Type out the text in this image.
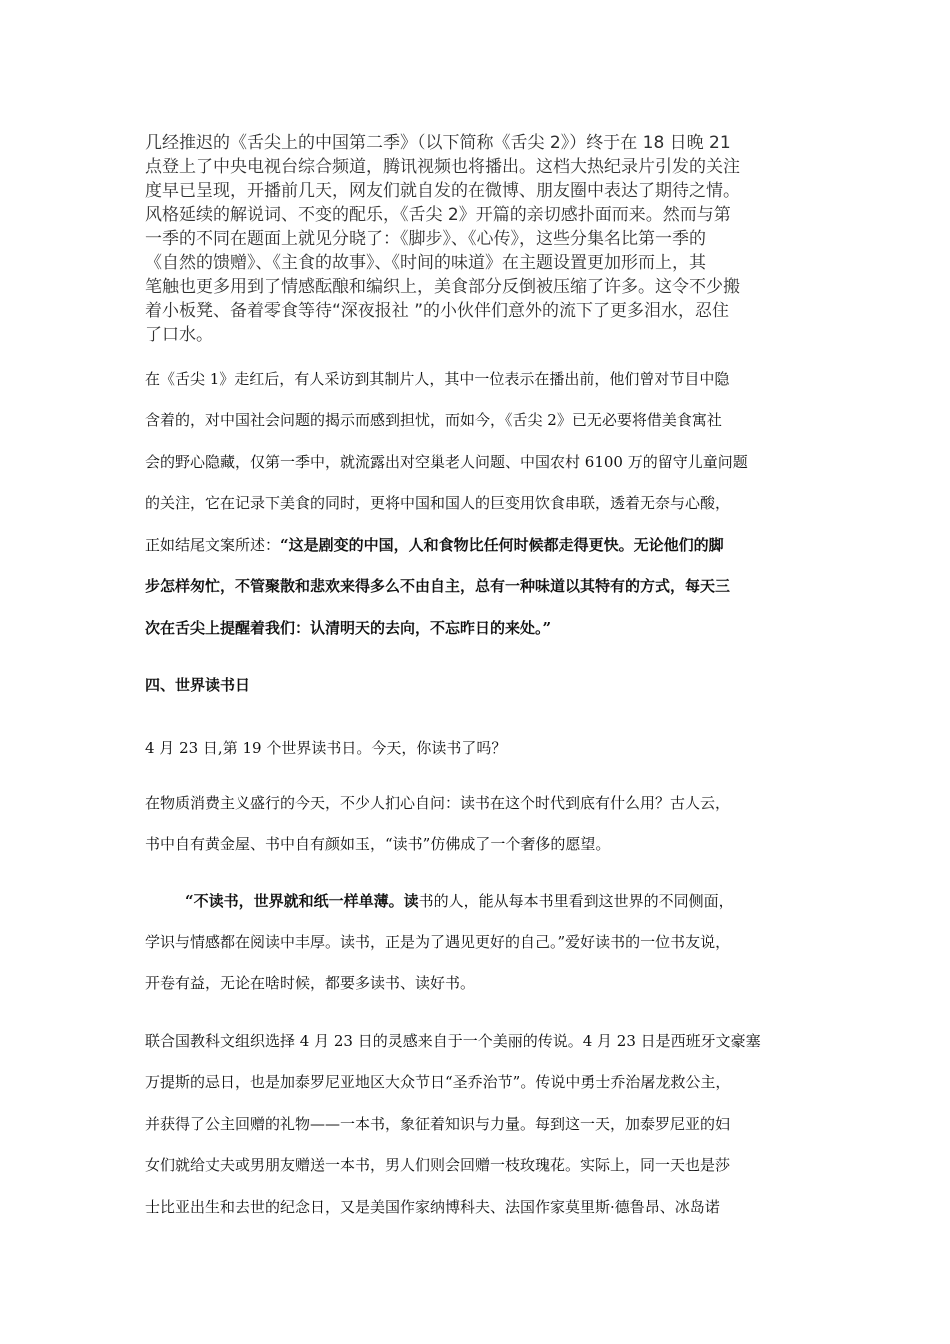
几经推迟的《舌尖上的中国第二季》（以下简称《舌尖 2》）终于在 18 日晚 21
点登上了中央电视台综合频道，腾讯视频也将播出。这档大热纪录片引发的关注
度早已呈现，开播前几天，网友们就自发的在微博、朋友圈中表达了期待之情。
风格延续的解说词、不变的配乐，《舌尖 2》开篇的亲切感扑面而来。然而与第
一季的不同在题面上就见分晓了：《脚步》、《心传》，这些分集名比第一季的
《自然的馈赠》、《主食的故事》、《时间的味道》在主题设置更加形而上，其
笔触也更多用到了情感酝酿和编织上，美食部分反倒被压缩了许多。这令不少搬
着小板凳、备着零食等待“深夜报社 ”的小伙伴们意外的流下了更多泪水，忍住
了口水。
在《舌尖 1》走红后，有人采访到其制片人，其中一位表示在播出前，他们曾对节目中隐
含着的，对中国社会问题的揭示而感到担忧，而如今，《舌尖 2》已无必要将借美食寓社
会的野心隐藏，仅第一季中，就流露出对空巢老人问题、中国农村 6100 万的留守儿童问题
的关注，它在记录下美食的同时，更将中国和国人的巨变用饮食串联，透着无奈与心酸，
正如结尾文案所述：“这是剧变的中国，人和食物比任何时候都走得更快。无论他们的脚
步怎样匆忙，不管聚散和悲欢来得多么不由自主，总有一种味道以其特有的方式，每天三
次在舌尖上提醒着我们：认清明天的去向，不忘昨日的来处。”
四、世界读书日
4 月 23 日,第 19 个世界读书日。今天，你读书了吗？
在物质消费主义盛行的今天，不少人扪心自问：读书在这个时代到底有什么用？古人云，
书中自有黄金屋、书中自有颜如玉，“读书”仿佛成了一个奢侈的愿望。
“不读书，世界就和纸一样单薄。读书的人，能从每本书里看到这世界的不同侧面，
学识与情感都在阅读中丰厚。读书，正是为了遇见更好的自己。”爱好读书的一位书友说，
开卷有益，无论在啥时候，都要多读书、读好书。
联合国教科文组织选择 4 月 23 日的灵感来自于一个美丽的传说。4 月 23 日是西班牙文豪塞
万提斯的忌日，也是加泰罗尼亚地区大众节日“圣乔治节”。传说中勇士乔治屠龙救公主，
并获得了公主回赠的礼物——一本书，象征着知识与力量。每到这一天，加泰罗尼亚的妇
女们就给丈夫或男朋友赠送一本书，男人们则会回赠一枝玫瑰花。实际上，同一天也是莎
士比亚出生和去世的纪念日，又是美国作家纳博科夫、法国作家莫里斯·德鲁昂、冰岛诺
